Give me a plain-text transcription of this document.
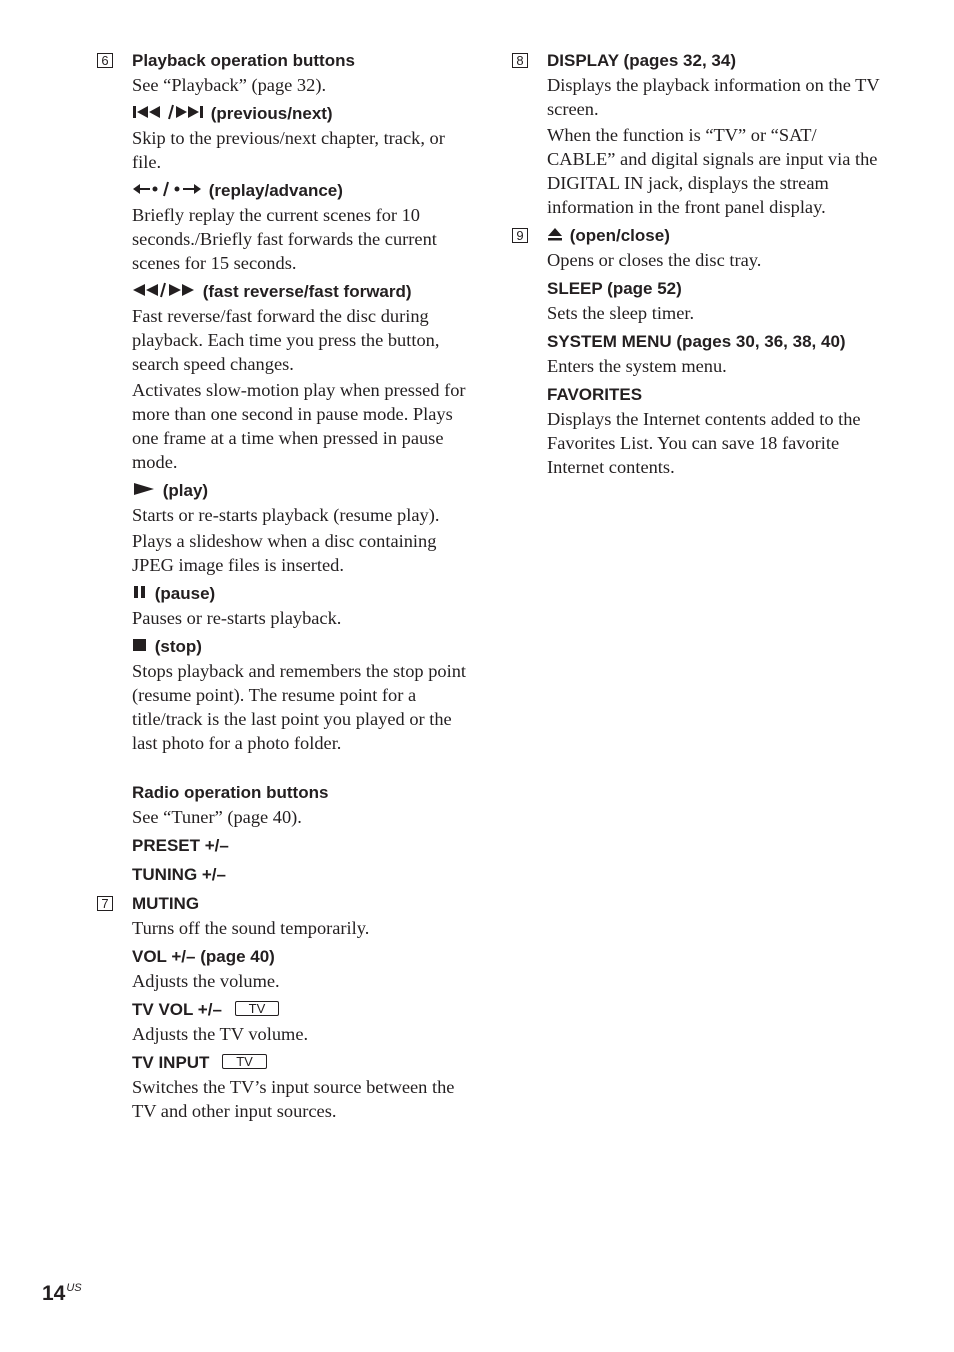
6 Playback operation buttons

See “Playback” (page 32).

(previous/next)

Skip to the previous/next chapter, track, or file.

(replay/advance)

Briefly replay the current scenes for 10 seconds./Briefly fast forwards the current scenes for 15 seconds.

(fast reverse/fast forward)

Fast reverse/fast forward the disc during playback. Each time you press the button, search speed changes.

Activates slow-motion play when pressed for more than one second in pause mode. Plays one frame at a time when pressed in pause mode.

(play)

Starts or re-starts playback (resume play).

Plays a slideshow when a disc containing JPEG image files is inserted.

(pause)

Pauses or re-starts playback.

(stop)

Stops playback and remembers the stop point (resume point). The resume point for a title/track is the last point you played or the last photo for a photo folder.

Radio operation buttons

See “Tuner” (page 40).

PRESET +/–
TUNING +/–
7 MUTING

Turns off the sound temporarily.

VOL +/– (page 40)

Adjusts the volume.

TV VOL +/– TV

Adjusts the TV volume.

TV INPUT TV

Switches the TV’s input source between the TV and other input sources.

8 DISPLAY (pages 32, 34)

Displays the playback information on the TV screen.

When the function is “TV” or “SAT/ CABLE” and digital signals are input via the DIGITAL IN jack, displays the stream information in the front panel display.

9	(open/close)

Opens or closes the disc tray.

SLEEP (page 52)

Sets the sleep timer.

SYSTEM MENU (pages 30, 36, 38, 40)

Enters the system menu.

FAVORITES

Displays the Internet contents added to the Favorites List. You can save 18 favorite Internet contents.

$14^{US}$
